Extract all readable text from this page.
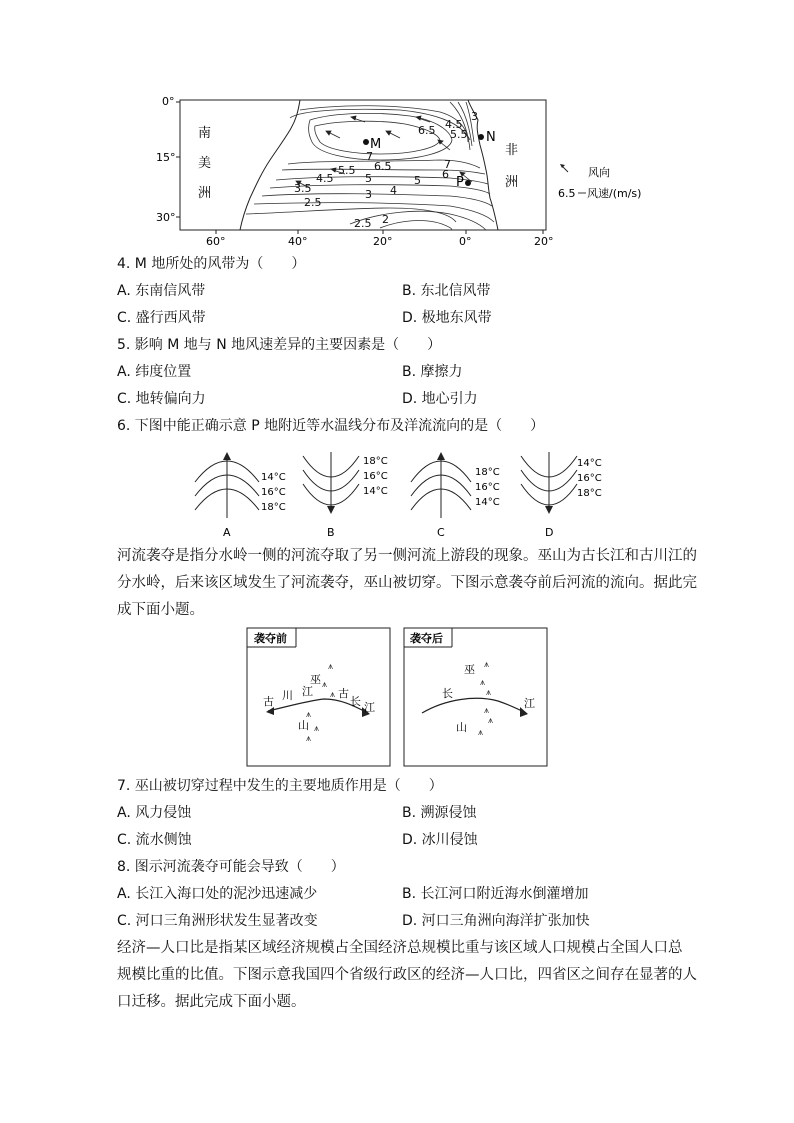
0°
15°
30°
60°	40°	20°	0°	20°
南
美
洲
非
洲
M	N
P
3
4.5
5.5
6.5
7
6.5
5.5
5
4.5
3.5
2.5
3 4
5 6
7
2.5 2
风向
6.5 风速/(m/s)
4. M 地所处的风带为（　　）
A. 东南信风带	B. 东北信风带
C. 盛行西风带	D. 极地东风带
5. 影响 M 地与 N 地风速差异的主要因素是（　　）
A. 纬度位置	B. 摩擦力
C. 地转偏向力	D. 地心引力
6. 下图中能正确示意 P 地附近等水温线分布及洋流流向的是（　　）
14°C
16°C
18°C
A
18°C
16°C
14°C
B
18°C
16°C
14°C
C
14°C
16°C
18°C
D
河流袭夺是指分水岭一侧的河流夺取了另一侧河流上游段的现象。巫山为古长江和古川江的
分水岭，后来该区域发生了河流袭夺，巫山被切穿。下图示意袭夺前后河流的流向。据此完
成下面小题。
袭夺前
⩚
⩚
⩚
⩚
⩚
⩚
巫
古 川 江 古
长 江
山
袭夺后
⩚
⩚
⩚
⩚
⩚
⩚
巫
长
江
山
7. 巫山被切穿过程中发生的主要地质作用是（　　）
A. 风力侵蚀	B. 溯源侵蚀
C. 流水侧蚀	D. 冰川侵蚀
8. 图示河流袭夺可能会导致（　　）
A. 长江入海口处的泥沙迅速减少	B. 长江河口附近海水倒灌增加
C. 河口三角洲形状发生显著改变	D. 河口三角洲向海洋扩张加快
经济—人口比是指某区域经济规模占全国经济总规模比重与该区域人口规模占全国人口总
规模比重的比值。下图示意我国四个省级行政区的经济—人口比，四省区之间存在显著的人
口迁移。据此完成下面小题。
